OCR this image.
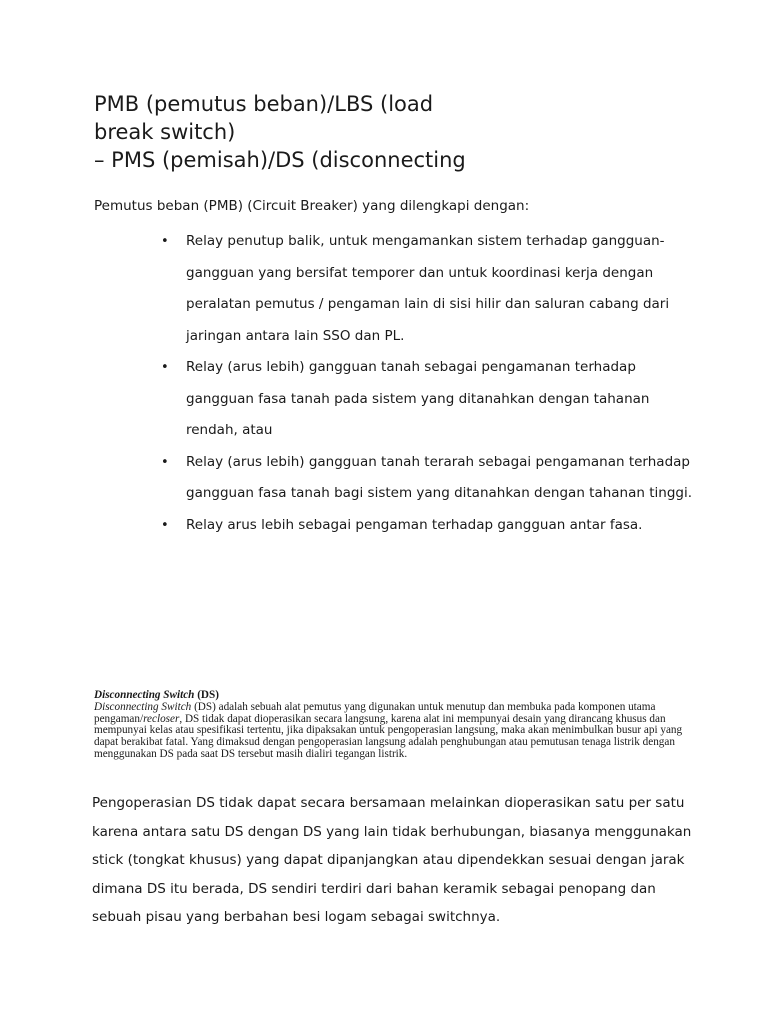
PMB (pemutus beban)/LBS (load
break switch)
– PMS (pemisah)/DS (disconnecting

Pemutus beban (PMB) (Circuit Breaker) yang dilengkapi dengan:

• Relay penutup balik, untuk mengamankan sistem terhadap gangguan-gangguan yang bersifat temporer dan untuk koordinasi kerja dengan peralatan pemutus / pengaman lain di sisi hilir dan saluran cabang dari jaringan antara lain SSO dan PL.
• Relay (arus lebih) gangguan tanah sebagai pengamanan terhadap gangguan fasa tanah pada sistem yang ditanahkan dengan tahanan rendah, atau
• Relay (arus lebih) gangguan tanah terarah sebagai pengamanan terhadap gangguan fasa tanah bagi sistem yang ditanahkan dengan tahanan tinggi.
• Relay arus lebih sebagai pengaman terhadap gangguan antar fasa.

Disconnecting Switch (DS)

Disconnecting Switch (DS) adalah sebuah alat pemutus yang digunakan untuk menutup dan membuka pada komponen utama pengaman/recloser, DS tidak dapat dioperasikan secara langsung, karena alat ini mempunyai desain yang dirancang khusus dan mempunyai kelas atau spesifikasi tertentu, jika dipaksakan untuk pengoperasian langsung, maka akan menimbulkan busur api yang dapat berakibat fatal. Yang dimaksud dengan pengoperasian langsung adalah penghubungan atau pemutusan tenaga listrik dengan menggunakan DS pada saat DS tersebut masih dialiri tegangan listrik.

Pengoperasian DS tidak dapat secara bersamaan melainkan dioperasikan satu per satu
karena antara satu DS dengan DS yang lain tidak berhubungan, biasanya menggunakan
stick (tongkat khusus) yang dapat dipanjangkan atau dipendekkan sesuai dengan jarak
dimana DS itu berada, DS sendiri terdiri dari bahan keramik sebagai penopang dan
sebuah pisau yang berbahan besi logam sebagai switchnya.
